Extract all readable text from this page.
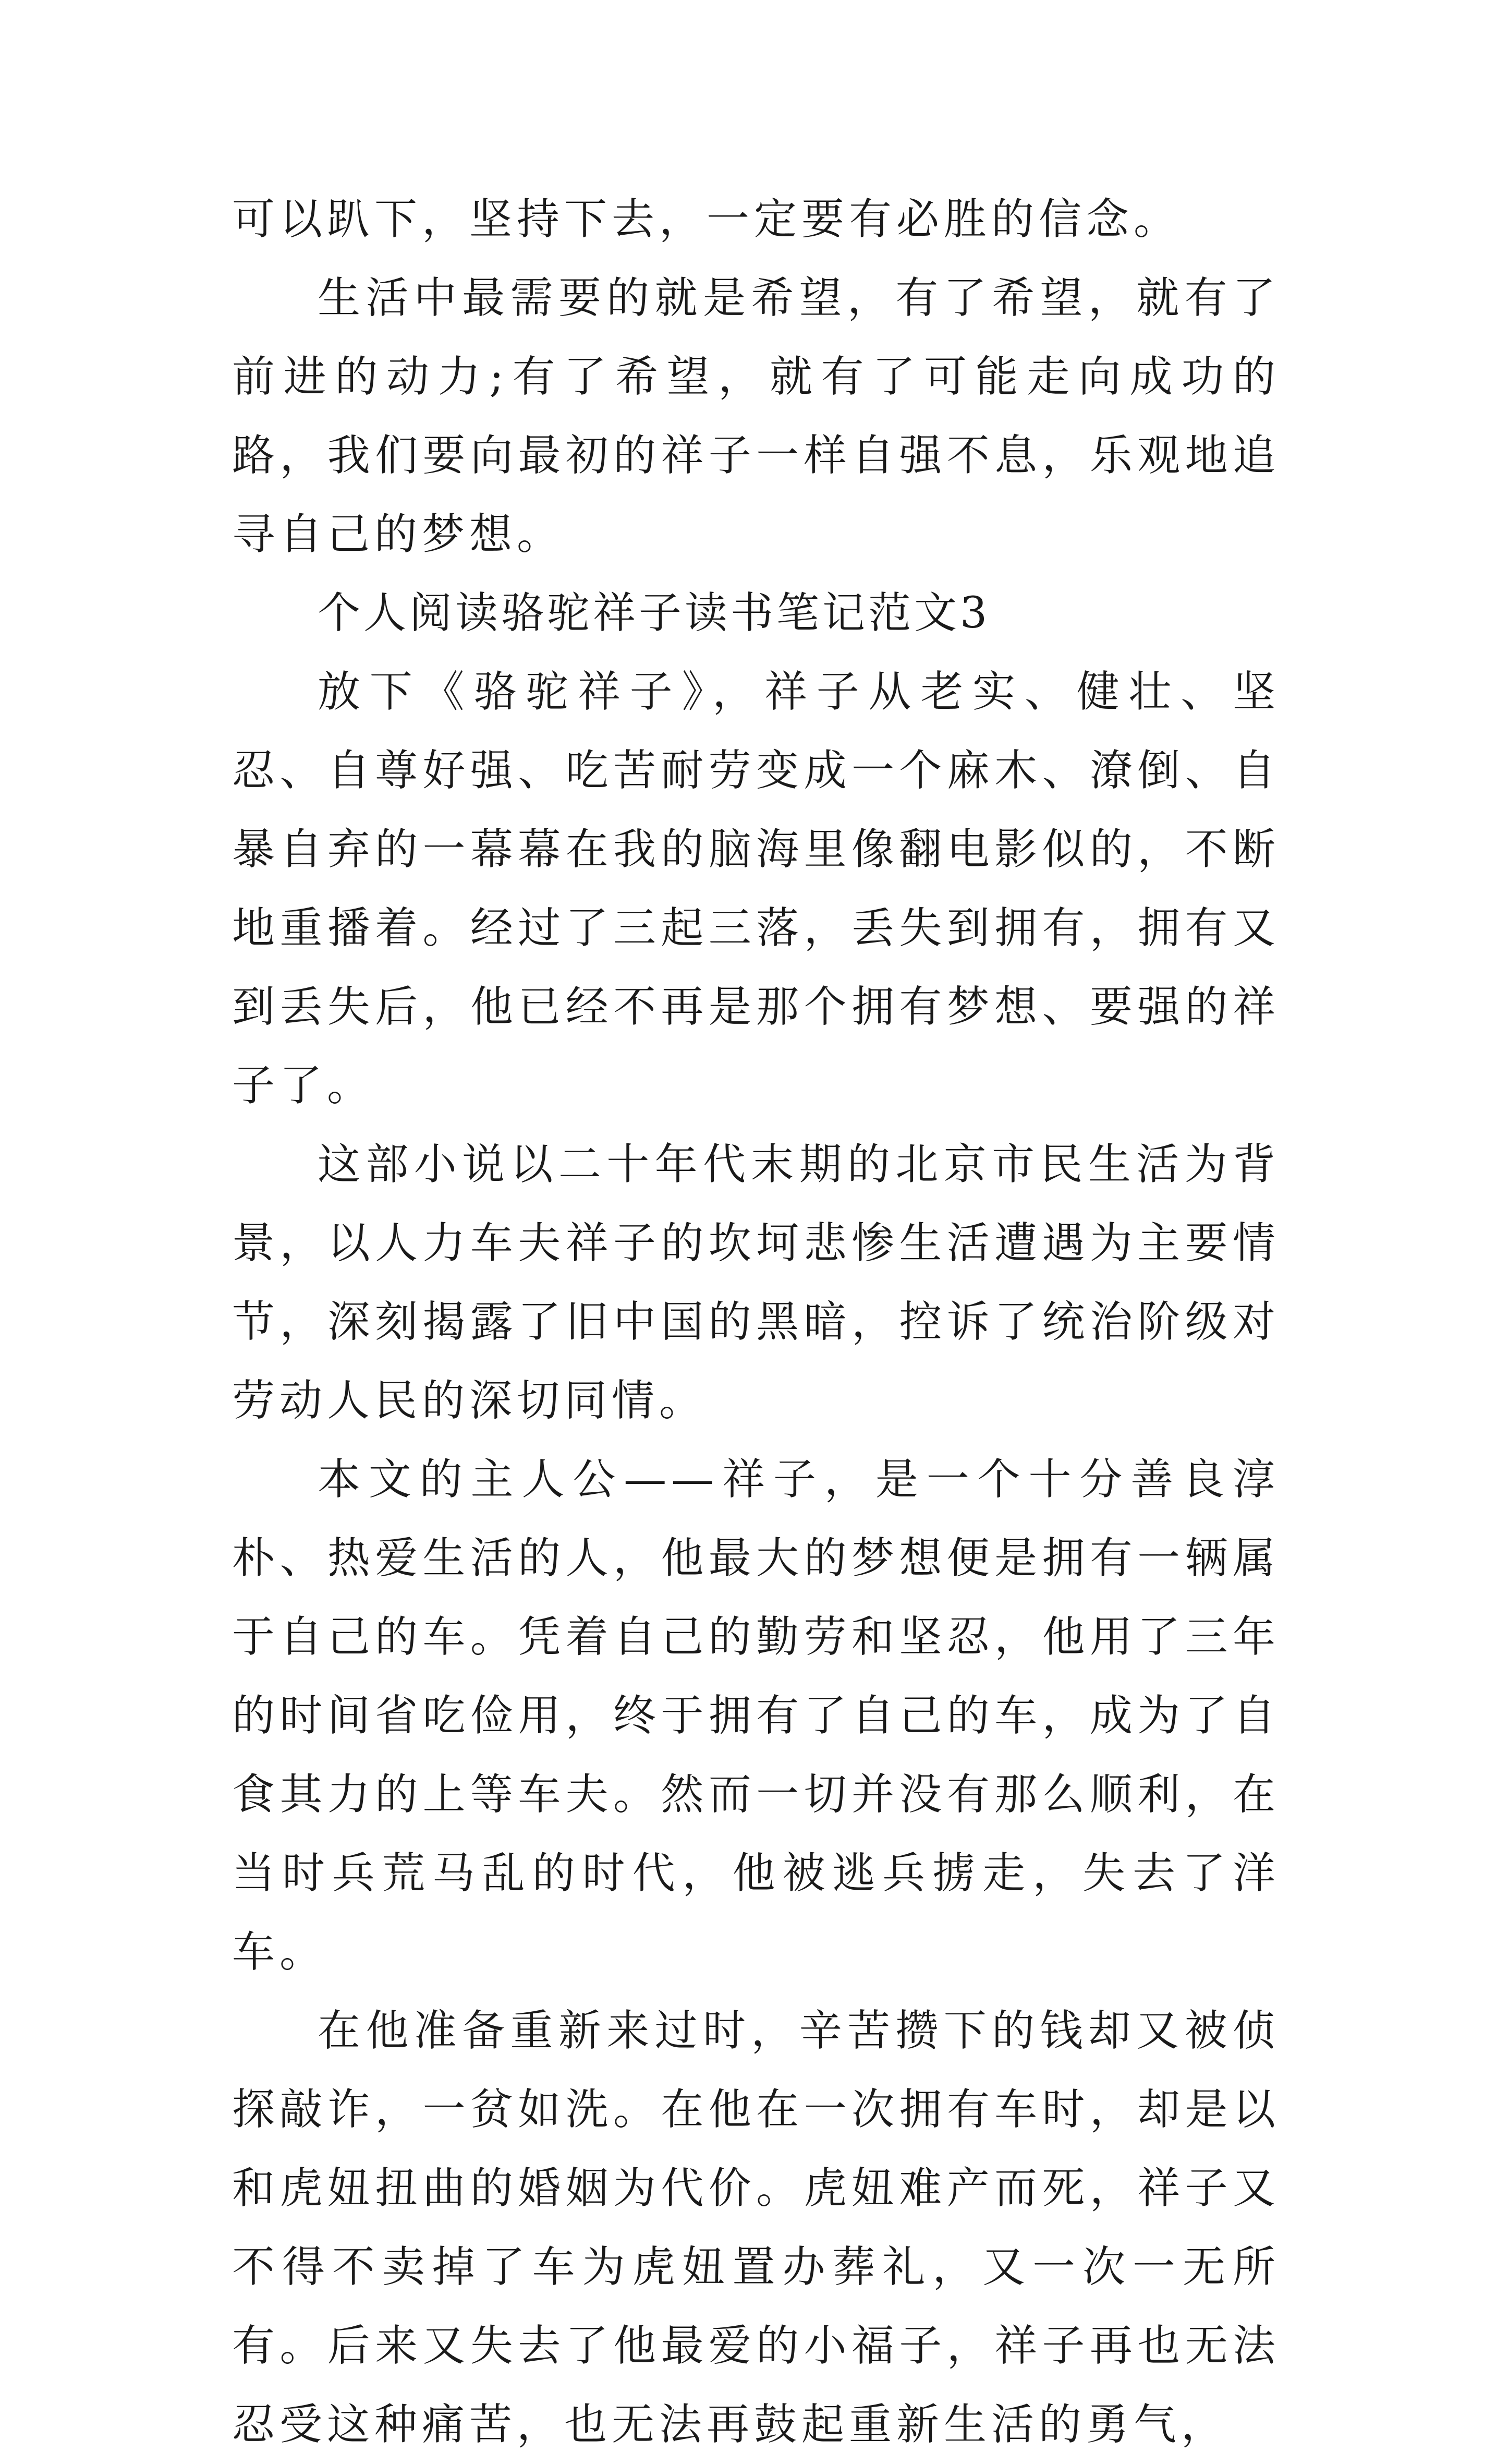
可以趴下，坚持下去，一定要有必胜的信念。

生活中最需要的就是希望，有了希望，就有了前进的动力;有了希望，就有了可能走向成功的路，我们要向最初的祥子一样自强不息，乐观地追寻自己的梦想。

个人阅读骆驼祥子读书笔记范文3

放下《骆驼祥子》，祥子从老实、健壮、坚忍、自尊好强、吃苦耐劳变成一个麻木、潦倒、自暴自弃的一幕幕在我的脑海里像翻电影似的，不断地重播着。经过了三起三落，丢失到拥有，拥有又到丢失后，他已经不再是那个拥有梦想、要强的祥子了。

这部小说以二十年代末期的北京市民生活为背景，以人力车夫祥子的坎坷悲惨生活遭遇为主要情节，深刻揭露了旧中国的黑暗，控诉了统治阶级对劳动人民的深切同情。

本文的主人公——祥子，是一个十分善良淳朴、热爱生活的人，他最大的梦想便是拥有一辆属于自己的车。凭着自己的勤劳和坚忍，他用了三年的时间省吃俭用，终于拥有了自己的车，成为了自食其力的上等车夫。然而一切并没有那么顺利，在当时兵荒马乱的时代，他被逃兵掳走，失去了洋车。

在他准备重新来过时，辛苦攒下的钱却又被侦探敲诈，一贫如洗。在他在一次拥有车时，却是以和虎妞扭曲的婚姻为代价。虎妞难产而死，祥子又不得不卖掉了车为虎妞置办葬礼，又一次一无所有。后来又失去了他最爱的小福子，祥子再也无法忍受这种痛苦，也无法再鼓起重新生活的勇气，
